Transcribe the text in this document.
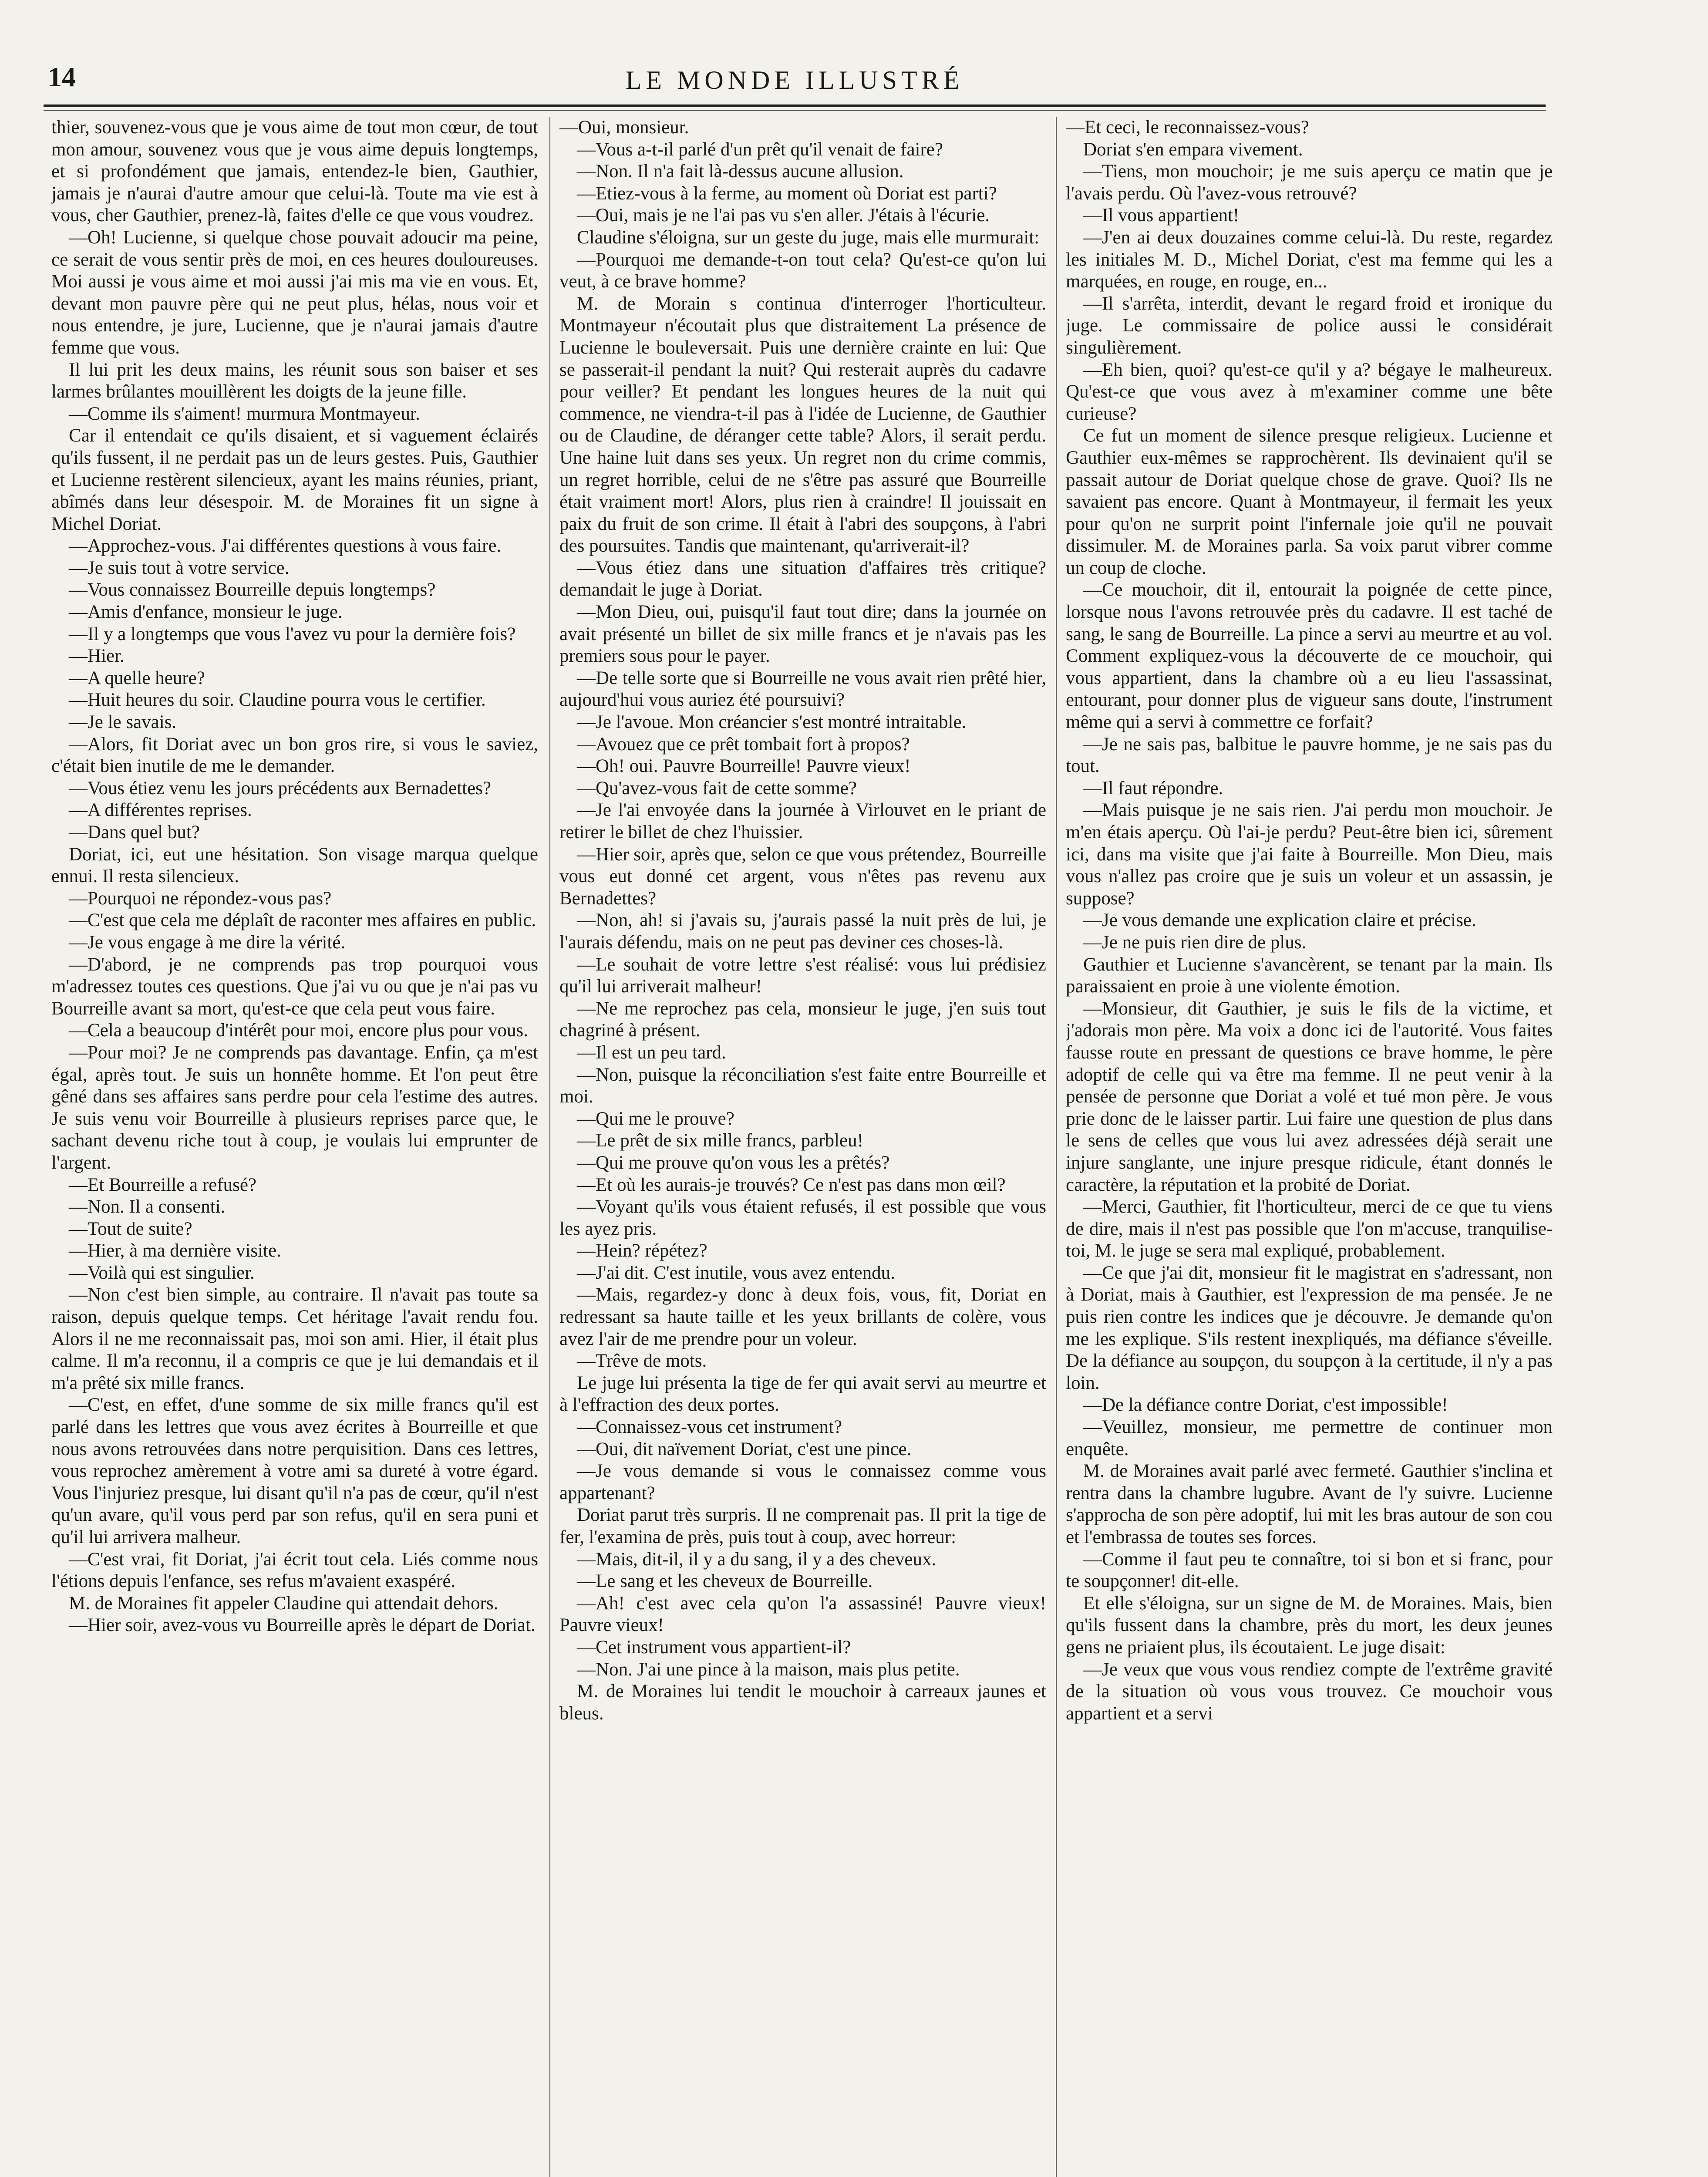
14	LE MONDE ILLUSTRÉ

thier, souvenez-vous que je vous aime de tout mon cœur, de tout mon amour, souvenez vous que je vous aime depuis longtemps, et si profondément que jamais, entendez-le bien, Gauthier, jamais je n'aurai d'autre amour que celui-là. Toute ma vie est à vous, cher Gauthier, prenez-là, faites d'elle ce que vous voudrez.

—Oh! Lucienne, si quelque chose pouvait adoucir ma peine, ce serait de vous sentir près de moi, en ces heures douloureuses. Moi aussi je vous aime et moi aussi j'ai mis ma vie en vous. Et, devant mon pauvre père qui ne peut plus, hélas, nous voir et nous entendre, je jure, Lucienne, que je n'aurai jamais d'autre femme que vous.

Il lui prit les deux mains, les réunit sous son baiser et ses larmes brûlantes mouillèrent les doigts de la jeune fille.

—Comme ils s'aiment! murmura Montmayeur.

Car il entendait ce qu'ils disaient, et si vaguement éclairés qu'ils fussent, il ne perdait pas un de leurs gestes. Puis, Gauthier et Lucienne restèrent silencieux, ayant les mains réunies, priant, abîmés dans leur désespoir. M. de Moraines fit un signe à Michel Doriat.

—Approchez-vous. J'ai différentes questions à vous faire.

—Je suis tout à votre service.

—Vous connaissez Bourreille depuis longtemps?

—Amis d'enfance, monsieur le juge.

—Il y a longtemps que vous l'avez vu pour la dernière fois?

—Hier.

—A quelle heure?

—Huit heures du soir. Claudine pourra vous le certifier.

—Je le savais.

—Alors, fit Doriat avec un bon gros rire, si vous le saviez, c'était bien inutile de me le demander.

—Vous étiez venu les jours précédents aux Bernadettes?

—A différentes reprises.

—Dans quel but?

Doriat, ici, eut une hésitation. Son visage marqua quelque ennui. Il resta silencieux.

—Pourquoi ne répondez-vous pas?

—C'est que cela me déplaît de raconter mes affaires en public.

—Je vous engage à me dire la vérité.

—D'abord, je ne comprends pas trop pourquoi vous m'adressez toutes ces questions. Que j'ai vu ou que je n'ai pas vu Bourreille avant sa mort, qu'est-ce que cela peut vous faire.

—Cela a beaucoup d'intérêt pour moi, encore plus pour vous.

—Pour moi? Je ne comprends pas davantage. Enfin, ça m'est égal, après tout. Je suis un honnête homme. Et l'on peut être gêné dans ses affaires sans perdre pour cela l'estime des autres. Je suis venu voir Bourreille à plusieurs reprises parce que, le sachant devenu riche tout à coup, je voulais lui emprunter de l'argent.

—Et Bourreille a refusé?

—Non. Il a consenti.

—Tout de suite?

—Hier, à ma dernière visite.

—Voilà qui est singulier.

—Non c'est bien simple, au contraire. Il n'avait pas toute sa raison, depuis quelque temps. Cet héritage l'avait rendu fou. Alors il ne me reconnaissait pas, moi son ami. Hier, il était plus calme. Il m'a reconnu, il a compris ce que je lui demandais et il m'a prêté six mille francs.

—C'est, en effet, d'une somme de six mille francs qu'il est parlé dans les lettres que vous avez écrites à Bourreille et que nous avons retrouvées dans notre perquisition. Dans ces lettres, vous reprochez amèrement à votre ami sa dureté à votre égard. Vous l'injuriez presque, lui disant qu'il n'a pas de cœur, qu'il n'est qu'un avare, qu'il vous perd par son refus, qu'il en sera puni et qu'il lui arrivera malheur.

—C'est vrai, fit Doriat, j'ai écrit tout cela. Liés comme nous l'étions depuis l'enfance, ses refus m'avaient exaspéré.

M. de Moraines fit appeler Claudine qui attendait dehors.

—Hier soir, avez-vous vu Bourreille après le départ de Doriat.

—Oui, monsieur.

—Vous a-t-il parlé d'un prêt qu'il venait de faire?

—Non. Il n'a fait là-dessus aucune allusion.

—Etiez-vous à la ferme, au moment où Doriat est parti?

—Oui, mais je ne l'ai pas vu s'en aller. J'étais à l'écurie.

Claudine s'éloigna, sur un geste du juge, mais elle murmurait:

—Pourquoi me demande-t-on tout cela? Qu'est-ce qu'on lui veut, à ce brave homme?

M. de Morain s continua d'interroger l'horticulteur. Montmayeur n'écoutait plus que distraitement La présence de Lucienne le bouleversait. Puis une dernière crainte en lui: Que se passerait-il pendant la nuit? Qui resterait auprès du cadavre pour veiller? Et pendant les longues heures de la nuit qui commence, ne viendra-t-il pas à l'idée de Lucienne, de Gauthier ou de Claudine, de déranger cette table? Alors, il serait perdu. Une haine luit dans ses yeux. Un regret non du crime commis, un regret horrible, celui de ne s'être pas assuré que Bourreille était vraiment mort! Alors, plus rien à craindre! Il jouissait en paix du fruit de son crime. Il était à l'abri des soupçons, à l'abri des poursuites. Tandis que maintenant, qu'arriverait-il?

—Vous étiez dans une situation d'affaires très critique? demandait le juge à Doriat.

—Mon Dieu, oui, puisqu'il faut tout dire; dans la journée on avait présenté un billet de six mille francs et je n'avais pas les premiers sous pour le payer.

—De telle sorte que si Bourreille ne vous avait rien prêté hier, aujourd'hui vous auriez été poursuivi?

—Je l'avoue. Mon créancier s'est montré intraitable.

—Avouez que ce prêt tombait fort à propos?

—Oh! oui. Pauvre Bourreille! Pauvre vieux!

—Qu'avez-vous fait de cette somme?

—Je l'ai envoyée dans la journée à Virlouvet en le priant de retirer le billet de chez l'huissier.

—Hier soir, après que, selon ce que vous prétendez, Bourreille vous eut donné cet argent, vous n'êtes pas revenu aux Bernadettes?

—Non, ah! si j'avais su, j'aurais passé la nuit près de lui, je l'aurais défendu, mais on ne peut pas deviner ces choses-là.

—Le souhait de votre lettre s'est réalisé: vous lui prédisiez qu'il lui arriverait malheur!

—Ne me reprochez pas cela, monsieur le juge, j'en suis tout chagriné à présent.

—Il est un peu tard.

—Non, puisque la réconciliation s'est faite entre Bourreille et moi.

—Qui me le prouve?

—Le prêt de six mille francs, parbleu!

—Qui me prouve qu'on vous les a prêtés?

—Et où les aurais-je trouvés? Ce n'est pas dans mon œil?

—Voyant qu'ils vous étaient refusés, il est possible que vous les ayez pris.

—Hein? répétez?

—J'ai dit. C'est inutile, vous avez entendu.

—Mais, regardez-y donc à deux fois, vous, fit, Doriat en redressant sa haute taille et les yeux brillants de colère, vous avez l'air de me prendre pour un voleur.

—Trêve de mots.

Le juge lui présenta la tige de fer qui avait servi au meurtre et à l'effraction des deux portes.

—Connaissez-vous cet instrument?

—Oui, dit naïvement Doriat, c'est une pince.

—Je vous demande si vous le connaissez comme vous appartenant?

Doriat parut très surpris. Il ne comprenait pas. Il prit la tige de fer, l'examina de près, puis tout à coup, avec horreur:

—Mais, dit-il, il y a du sang, il y a des cheveux.

—Le sang et les cheveux de Bourreille.

—Ah! c'est avec cela qu'on l'a assassiné! Pauvre vieux! Pauvre vieux!

—Cet instrument vous appartient-il?

—Non. J'ai une pince à la maison, mais plus petite.

M. de Moraines lui tendit le mouchoir à carreaux jaunes et bleus.

—Et ceci, le reconnaissez-vous?

Doriat s'en empara vivement.

—Tiens, mon mouchoir; je me suis aperçu ce matin que je l'avais perdu. Où l'avez-vous retrouvé?

—Il vous appartient!

—J'en ai deux douzaines comme celui-là. Du reste, regardez les initiales M. D., Michel Doriat, c'est ma femme qui les a marquées, en rouge, en rouge, en...

—Il s'arrêta, interdit, devant le regard froid et ironique du juge. Le commissaire de police aussi le considérait singulièrement.

—Eh bien, quoi? qu'est-ce qu'il y a? bégaye le malheureux. Qu'est-ce que vous avez à m'examiner comme une bête curieuse?

Ce fut un moment de silence presque religieux. Lucienne et Gauthier eux-mêmes se rapprochèrent. Ils devinaient qu'il se passait autour de Doriat quelque chose de grave. Quoi? Ils ne savaient pas encore. Quant à Montmayeur, il fermait les yeux pour qu'on ne surprit point l'infernale joie qu'il ne pouvait dissimuler. M. de Moraines parla. Sa voix parut vibrer comme un coup de cloche.

—Ce mouchoir, dit il, entourait la poignée de cette pince, lorsque nous l'avons retrouvée près du cadavre. Il est taché de sang, le sang de Bourreille. La pince a servi au meurtre et au vol. Comment expliquez-vous la découverte de ce mouchoir, qui vous appartient, dans la chambre où a eu lieu l'assassinat, entourant, pour donner plus de vigueur sans doute, l'instrument même qui a servi à commettre ce forfait?

—Je ne sais pas, balbitue le pauvre homme, je ne sais pas du tout.

—Il faut répondre.

—Mais puisque je ne sais rien. J'ai perdu mon mouchoir. Je m'en étais aperçu. Où l'ai-je perdu? Peut-être bien ici, sûrement ici, dans ma visite que j'ai faite à Bourreille. Mon Dieu, mais vous n'allez pas croire que je suis un voleur et un assassin, je suppose?

—Je vous demande une explication claire et précise.

—Je ne puis rien dire de plus.

Gauthier et Lucienne s'avancèrent, se tenant par la main. Ils paraissaient en proie à une violente émotion.

—Monsieur, dit Gauthier, je suis le fils de la victime, et j'adorais mon père. Ma voix a donc ici de l'autorité. Vous faites fausse route en pressant de questions ce brave homme, le père adoptif de celle qui va être ma femme. Il ne peut venir à la pensée de personne que Doriat a volé et tué mon père. Je vous prie donc de le laisser partir. Lui faire une question de plus dans le sens de celles que vous lui avez adressées déjà serait une injure sanglante, une injure presque ridicule, étant donnés le caractère, la réputation et la probité de Doriat.

—Merci, Gauthier, fit l'horticulteur, merci de ce que tu viens de dire, mais il n'est pas possible que l'on m'accuse, tranquilise-toi, M. le juge se sera mal expliqué, probablement.

—Ce que j'ai dit, monsieur fit le magistrat en s'adressant, non à Doriat, mais à Gauthier, est l'expression de ma pensée. Je ne puis rien contre les indices que je découvre. Je demande qu'on me les explique. S'ils restent inexpliqués, ma défiance s'éveille. De la défiance au soupçon, du soupçon à la certitude, il n'y a pas loin.

—De la défiance contre Doriat, c'est impossible!

—Veuillez, monsieur, me permettre de continuer mon enquête.

M. de Moraines avait parlé avec fermeté. Gauthier s'inclina et rentra dans la chambre lugubre. Avant de l'y suivre. Lucienne s'approcha de son père adoptif, lui mit les bras autour de son cou et l'embrassa de toutes ses forces.

—Comme il faut peu te connaître, toi si bon et si franc, pour te soupçonner! dit-elle.

Et elle s'éloigna, sur un signe de M. de Moraines. Mais, bien qu'ils fussent dans la chambre, près du mort, les deux jeunes gens ne priaient plus, ils écoutaient. Le juge disait:

—Je veux que vous vous rendiez compte de l'extrême gravité de la situation où vous vous trouvez. Ce mouchoir vous appartient et a servi
